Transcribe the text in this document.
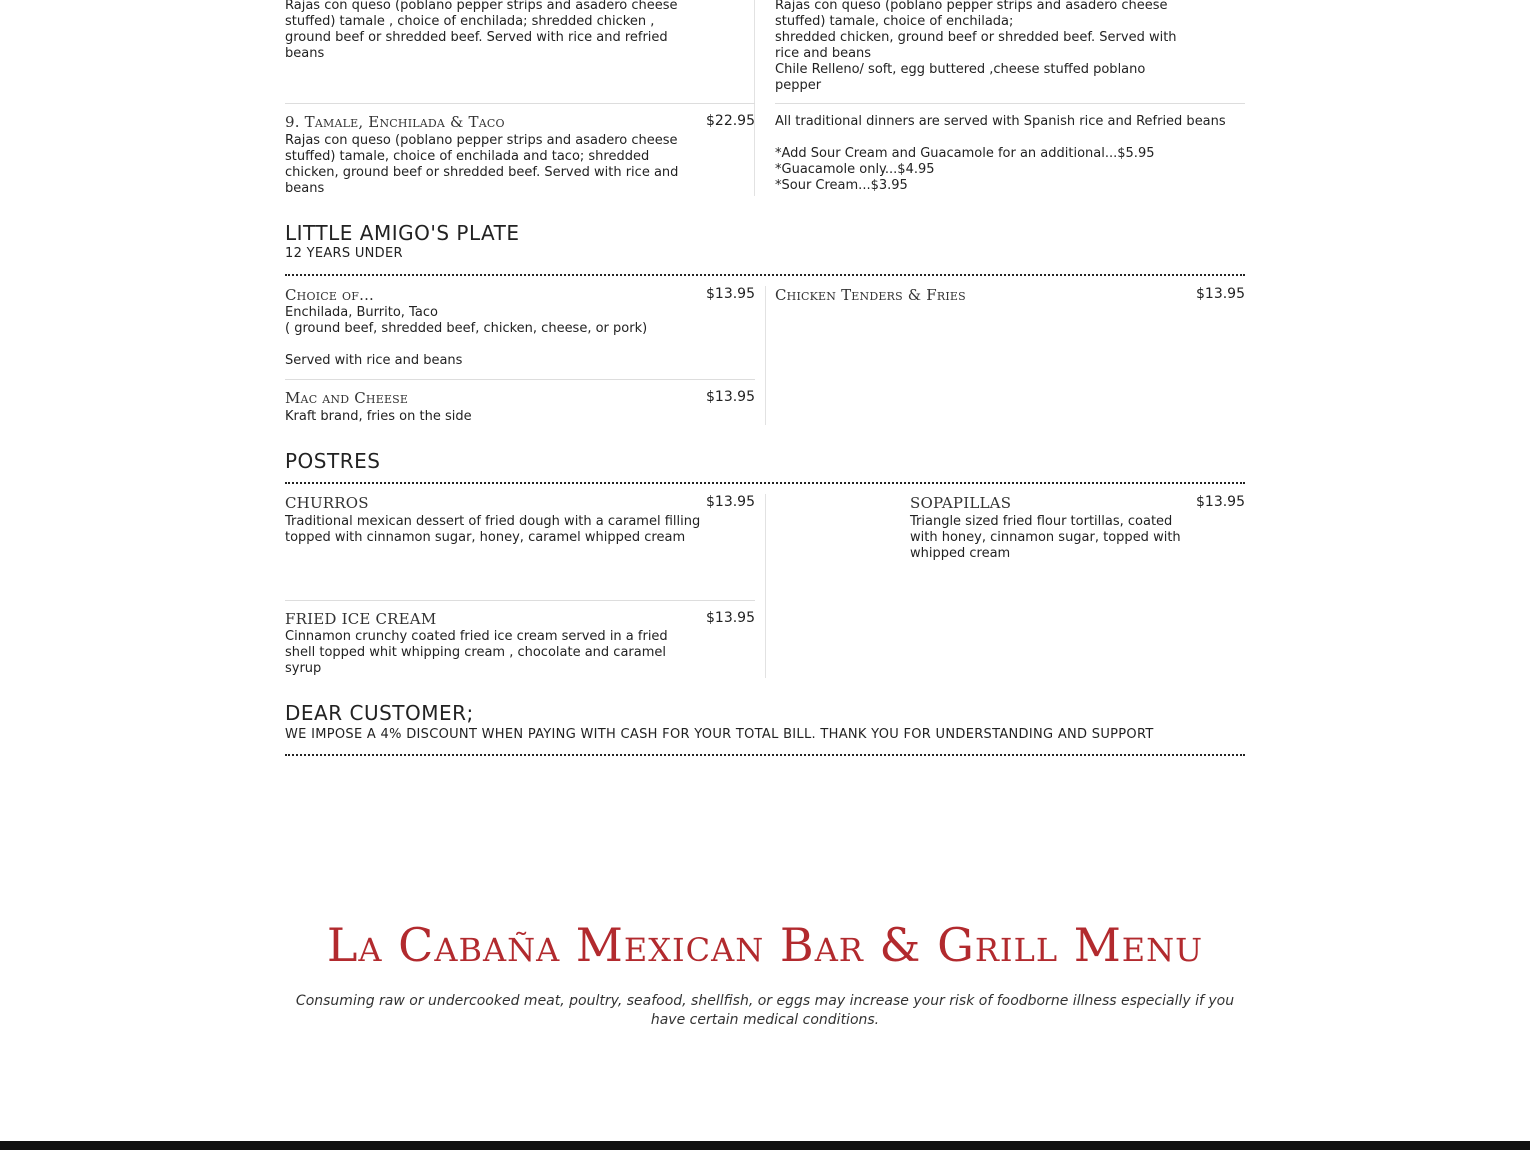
Rajas con queso (poblano pepper strips and asadero cheese
stuffed) tamale , choice of enchilada; shredded chicken ,
ground beef or shredded beef. Served with rice and refried
beans
Rajas con queso (poblano pepper strips and asadero cheese
stuffed) tamale, choice of enchilada;
shredded chicken, ground beef or shredded beef. Served with
rice and beans
Chile Relleno/ soft, egg buttered ,cheese stuffed poblano
pepper
9. Tamale, Enchilada & Taco	$22.95
Rajas con queso (poblano pepper strips and asadero cheese
stuffed) tamale, choice of enchilada and taco; shredded
chicken, ground beef or shredded beef. Served with rice and
beans
All traditional dinners are served with Spanish rice and Refried beans
*Add Sour Cream and Guacamole for an additional...$5.95
*Guacamole only...$4.95
*Sour Cream...$3.95
LITTLE AMIGO'S PLATE
12 YEARS UNDER
Choice of...	$13.95
Enchilada, Burrito, Taco
( ground beef, shredded beef, chicken, cheese, or pork)

Served with rice and beans
Chicken Tenders & Fries	$13.95
Mac and Cheese	$13.95
Kraft brand, fries on the side
POSTRES
CHURROS	$13.95
Traditional mexican dessert of fried dough with a caramel filling
topped with cinnamon sugar, honey, caramel whipped cream
SOPAPILLAS	$13.95
Triangle sized fried flour tortillas, coated
with honey, cinnamon sugar, topped with
whipped cream
FRIED ICE CREAM	$13.95
Cinnamon crunchy coated fried ice cream served in a fried
shell topped whit whipping cream , chocolate and caramel
syrup
DEAR CUSTOMER;
WE IMPOSE A 4% DISCOUNT WHEN PAYING WITH CASH FOR YOUR TOTAL BILL. THANK YOU FOR UNDERSTANDING AND SUPPORT
La Cabaña Mexican Bar & Grill Menu
Consuming raw or undercooked meat, poultry, seafood, shellfish, or eggs may increase your risk of foodborne illness especially if you have certain medical conditions.
